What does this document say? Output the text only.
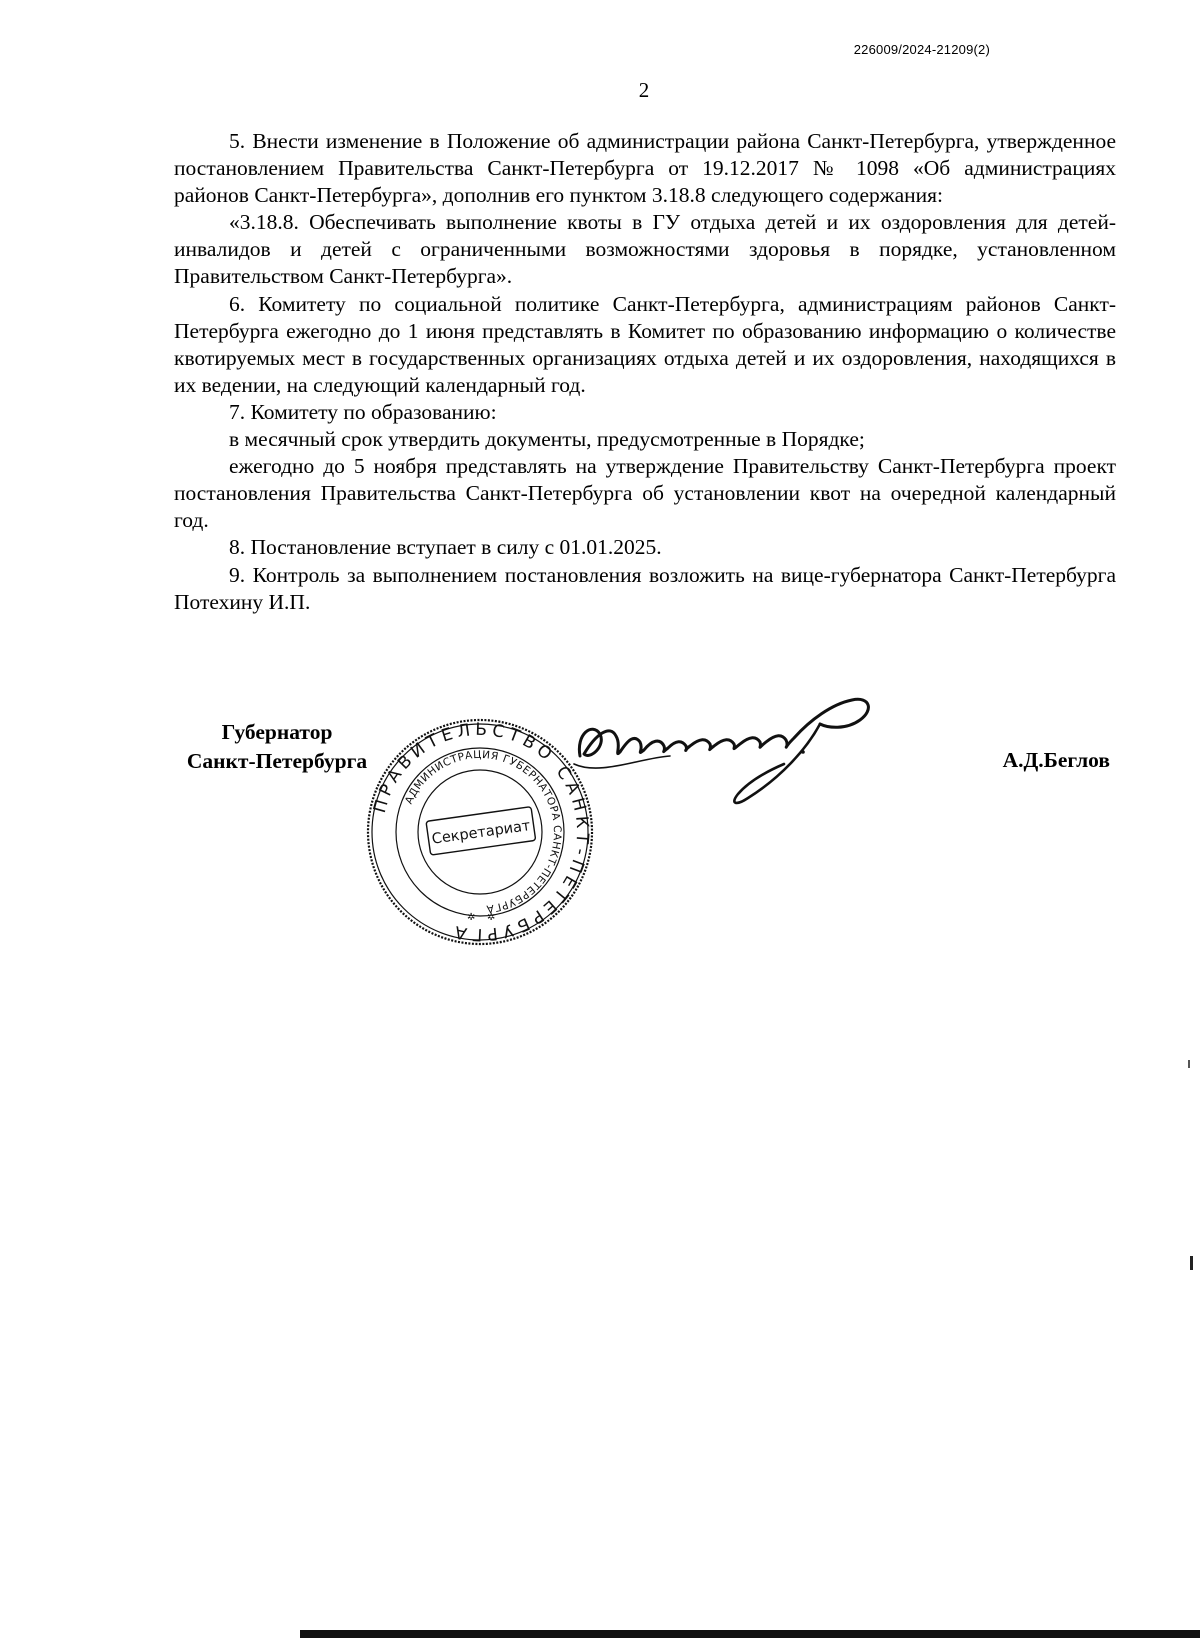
226009/2024-21209(2)
2

5. Внести изменение в Положение об администрации района Санкт-Петербурга, утвержденное постановлением Правительства Санкт-Петербурга от 19.12.2017 № 1098 «Об администрациях районов Санкт-Петербурга», дополнив его пунктом 3.18.8 следующего содержания:

«3.18.8. Обеспечивать выполнение квоты в ГУ отдыха детей и их оздоровления для детей-инвалидов и детей с ограниченными возможностями здоровья в порядке, установленном Правительством Санкт-Петербурга».

6. Комитету по социальной политике Санкт-Петербурга, администрациям районов Санкт-Петербурга ежегодно до 1 июня представлять в Комитет по образованию информацию о количестве квотируемых мест в государственных организациях отдыха детей и их оздоровления, находящихся в их ведении, на следующий календарный год.

7. Комитету по образованию:

в месячный срок утвердить документы, предусмотренные в Порядке;

ежегодно до 5 ноября представлять на утверждение Правительству Санкт-Петербурга проект постановления Правительства Санкт-Петербурга об установлении квот на очередной календарный год.

8. Постановление вступает в силу с 01.01.2025.

9. Контроль за выполнением постановления возложить на вице-губернатора Санкт-Петербурга Потехину И.П.

Губернатор
Санкт-Петербурга	А.Д.Беглов
ПРАВИТЕЛЬСТВО САНКТ-ПЕТЕРБУРГА
АДМИНИСТРАЦИЯ ГУБЕРНАТОРА САНКТ-ПЕТЕРБУРГА
Секретариат
✲ ✲
